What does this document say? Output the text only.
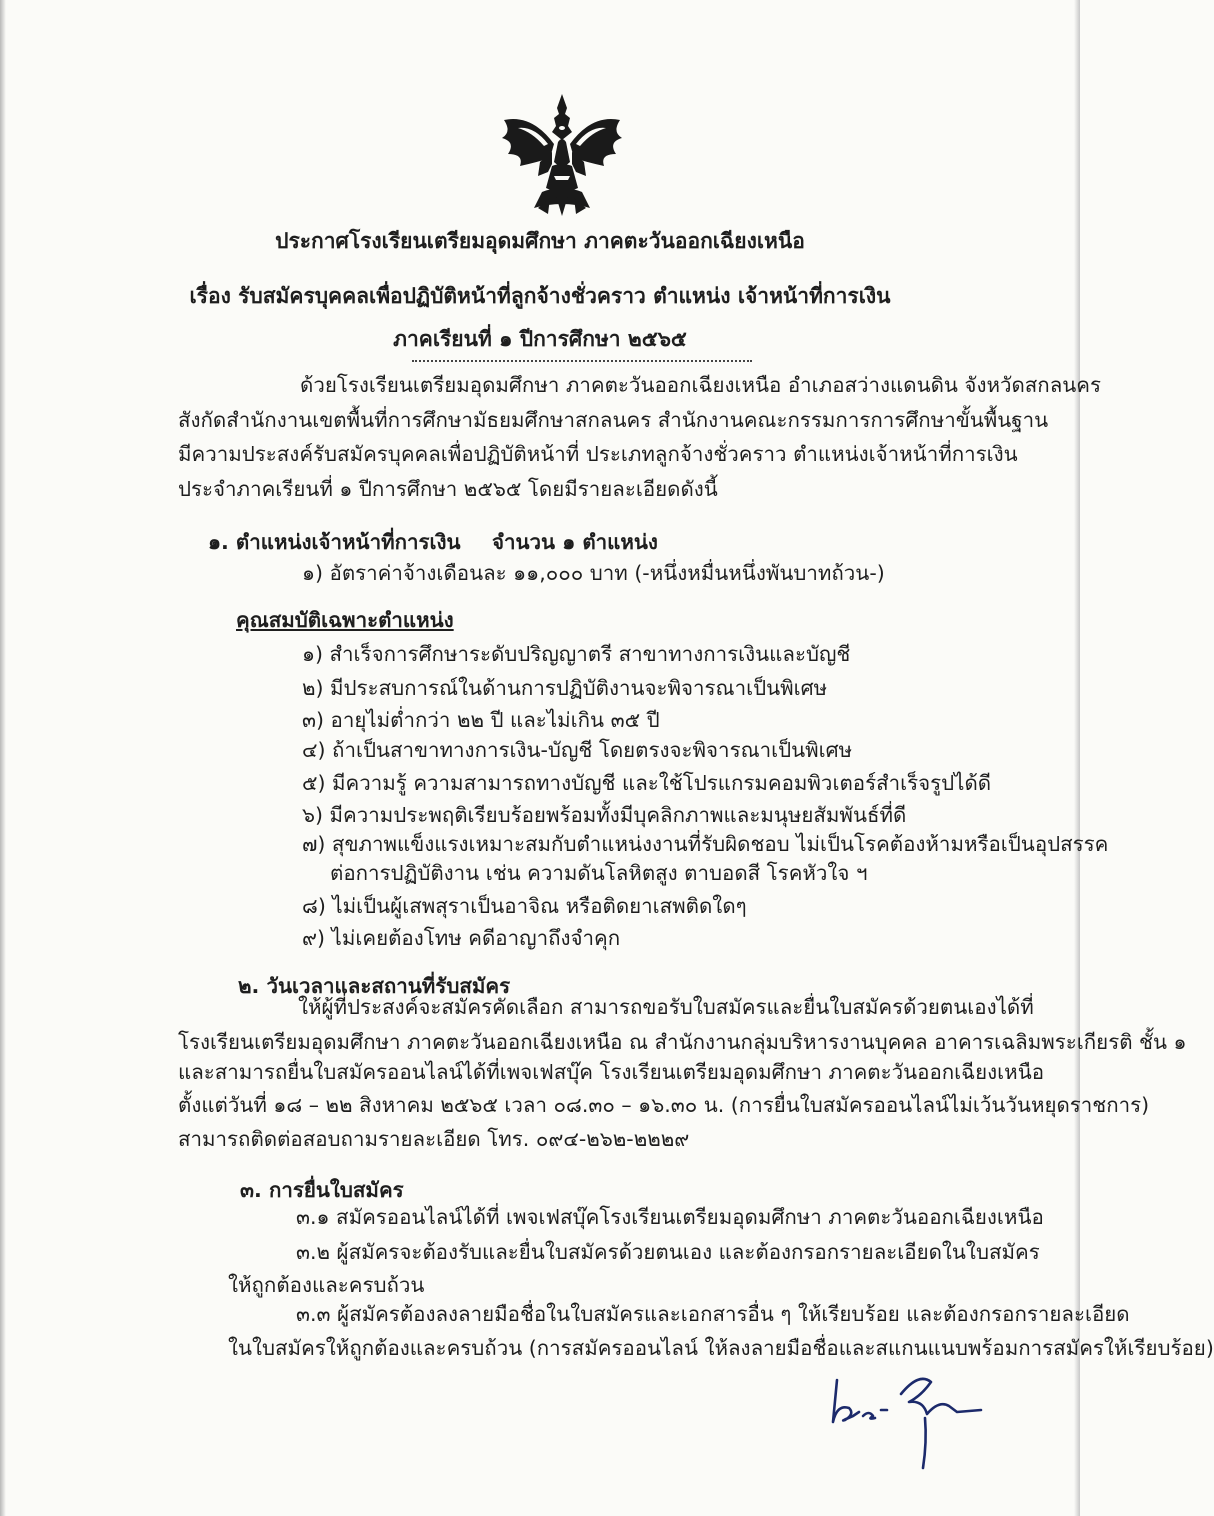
ประกาศโรงเรียนเตรียมอุดมศึกษา ภาคตะวันออกเฉียงเหนือ
เรื่อง รับสมัครบุคคลเพื่อปฏิบัติหน้าที่ลูกจ้างชั่วคราว ตำแหน่ง เจ้าหน้าที่การเงิน
ภาคเรียนที่ ๑ ปีการศึกษา ๒๕๖๕
ด้วยโรงเรียนเตรียมอุดมศึกษา ภาคตะวันออกเฉียงเหนือ อำเภอสว่างแดนดิน จังหวัดสกลนคร
สังกัดสำนักงานเขตพื้นที่การศึกษามัธยมศึกษาสกลนคร สำนักงานคณะกรรมการการศึกษาขั้นพื้นฐาน
มีความประสงค์รับสมัครบุคคลเพื่อปฏิบัติหน้าที่ ประเภทลูกจ้างชั่วคราว ตำแหน่งเจ้าหน้าที่การเงิน
ประจำภาคเรียนที่ ๑ ปีการศึกษา ๒๕๖๕ โดยมีรายละเอียดดังนี้
๑. ตำแหน่งเจ้าหน้าที่การเงิน จำนวน ๑ ตำแหน่ง
๑) อัตราค่าจ้างเดือนละ ๑๑,๐๐๐ บาท (-หนึ่งหมื่นหนึ่งพันบาทถ้วน-)
คุณสมบัติเฉพาะตำแหน่ง
๑) สำเร็จการศึกษาระดับปริญญาตรี สาขาทางการเงินและบัญชี
๒) มีประสบการณ์ในด้านการปฏิบัติงานจะพิจารณาเป็นพิเศษ
๓) อายุไม่ต่ำกว่า ๒๒ ปี และไม่เกิน ๓๕ ปี
๔) ถ้าเป็นสาขาทางการเงิน-บัญชี โดยตรงจะพิจารณาเป็นพิเศษ
๕) มีความรู้ ความสามารถทางบัญชี และใช้โปรแกรมคอมพิวเตอร์สำเร็จรูปได้ดี
๖) มีความประพฤติเรียบร้อยพร้อมทั้งมีบุคลิกภาพและมนุษยสัมพันธ์ที่ดี
๗) สุขภาพแข็งแรงเหมาะสมกับตำแหน่งงานที่รับผิดชอบ ไม่เป็นโรคต้องห้ามหรือเป็นอุปสรรค
ต่อการปฏิบัติงาน เช่น ความดันโลหิตสูง ตาบอดสี โรคหัวใจ ฯ
๘) ไม่เป็นผู้เสพสุราเป็นอาจิณ หรือติดยาเสพติดใดๆ
๙) ไม่เคยต้องโทษ คดีอาญาถึงจำคุก
๒. วันเวลาและสถานที่รับสมัคร
ให้ผู้ที่ประสงค์จะสมัครคัดเลือก สามารถขอรับใบสมัครและยื่นใบสมัครด้วยตนเองได้ที่
โรงเรียนเตรียมอุดมศึกษา ภาคตะวันออกเฉียงเหนือ ณ สำนักงานกลุ่มบริหารงานบุคคล อาคารเฉลิมพระเกียรติ ชั้น ๑
และสามารถยื่นใบสมัครออนไลน์ได้ที่เพจเฟสบุ๊ค โรงเรียนเตรียมอุดมศึกษา ภาคตะวันออกเฉียงเหนือ
ตั้งแต่วันที่ ๑๘ – ๒๒ สิงหาคม ๒๕๖๕ เวลา ๐๘.๓๐ – ๑๖.๓๐ น. (การยื่นใบสมัครออนไลน์ไม่เว้นวันหยุดราชการ)
สามารถติดต่อสอบถามรายละเอียด โทร. ๐๙๔-๒๖๒-๒๒๒๙
๓. การยื่นใบสมัคร
๓.๑ สมัครออนไลน์ได้ที่ เพจเฟสบุ๊คโรงเรียนเตรียมอุดมศึกษา ภาคตะวันออกเฉียงเหนือ
๓.๒ ผู้สมัครจะต้องรับและยื่นใบสมัครด้วยตนเอง และต้องกรอกรายละเอียดในใบสมัคร
ให้ถูกต้องและครบถ้วน
๓.๓ ผู้สมัครต้องลงลายมือชื่อในใบสมัครและเอกสารอื่น ๆ ให้เรียบร้อย และต้องกรอกรายละเอียด
ในใบสมัครให้ถูกต้องและครบถ้วน (การสมัครออนไลน์ ให้ลงลายมือชื่อและสแกนแนบพร้อมการสมัครให้เรียบร้อย)
